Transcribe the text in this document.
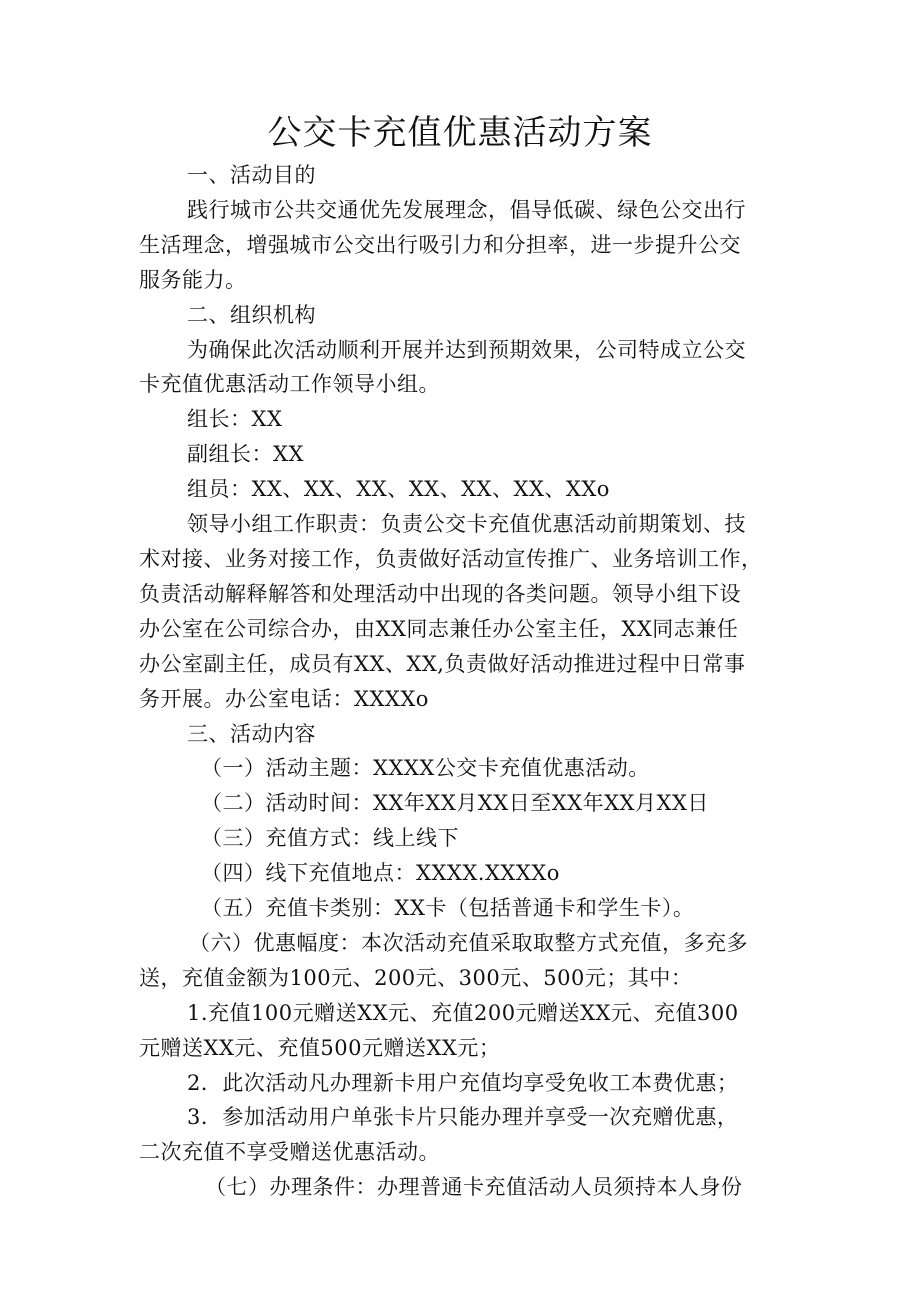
公交卡充值优惠活动方案

一、活动目的

践行城市公共交通优先发展理念，倡导低碳、绿色公交出行

生活理念，增强城市公交出行吸引力和分担率，进一步提升公交

服务能力。

二、组织机构

为确保此次活动顺利开展并达到预期效果，公司特成立公交

卡充值优惠活动工作领导小组。

组长：XX

副组长：XX

组员：XX、XX、XX、XX、XX、XX、XXo

领导小组工作职责：负责公交卡充值优惠活动前期策划、技

术对接、业务对接工作，负责做好活动宣传推广、业务培训工作，

负责活动解释解答和处理活动中出现的各类问题。领导小组下设

办公室在公司综合办，由XX同志兼任办公室主任，XX同志兼任

办公室副主任，成员有XX、XX,负责做好活动推进过程中日常事

务开展。办公室电话：XXXXo

三、活动内容

（一）活动主题：XXXX公交卡充值优惠活动。

（二）活动时间：XX年XX月XX日至XX年XX月XX日

（三）充值方式：线上线下

（四）线下充值地点：XXXX.XXXXo

（五）充值卡类别：XX卡（包括普通卡和学生卡）。

（六）优惠幅度：本次活动充值采取取整方式充值，多充多

送，充值金额为100元、200元、300元、500元；其中：

1.充值100元赠送XX元、充值200元赠送XX元、充值300

元赠送XX元、充值500元赠送XX元；

2．此次活动凡办理新卡用户充值均享受免收工本费优惠；

3．参加活动用户单张卡片只能办理并享受一次充赠优惠，

二次充值不享受赠送优惠活动。

（七）办理条件：办理普通卡充值活动人员须持本人身份
